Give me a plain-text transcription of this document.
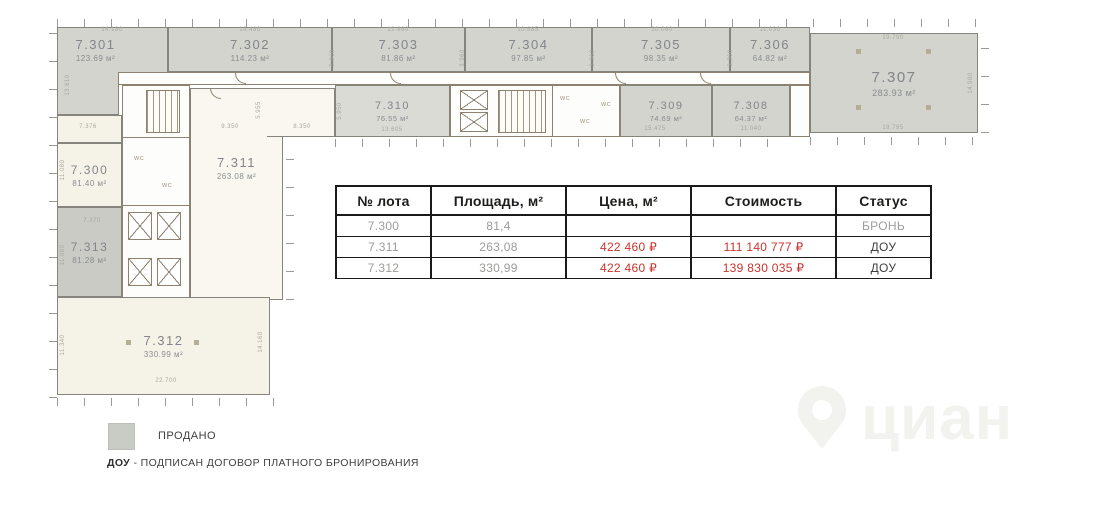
7.301
123.69 м²
7.302
114.23 м²
7.303
81.86 м²
7.304
97.85 м²
7.305
98.35 м²
7.306
64.82 м²
7.307
283.93 м²
7.310
76.55 м²
7.309
74.69 м²
7.308
64.37 м²
WC
WC
WC
WC
WC
7.300
81.40 м²
7.313
81.28 м²
7.311
263.08 м²
7.312
330.99 м²
14.180	19.480	12.980	10.685	20.080	11.030
19.790
13.610
11.080
11.080
11.340
7.376
7.370
9.350	8.350
5.955	5.950
13.605	15.475	11.040	19.795
14.980
14.160
22.700
3.960	3.960	3.960	3.960
№ лота	Площадь, м²	Цена, м²	Стоимость	Статус
7.300	81,4			БРОНЬ
7.311	263,08	422 460 ₽	111 140 777 ₽	ДОУ
7.312	330,99	422 460 ₽	139 830 035 ₽	ДОУ
ПРОДАНО
ДОУ - ПОДПИСАН ДОГОВОР ПЛАТНОГО БРОНИРОВАНИЯ
циан
